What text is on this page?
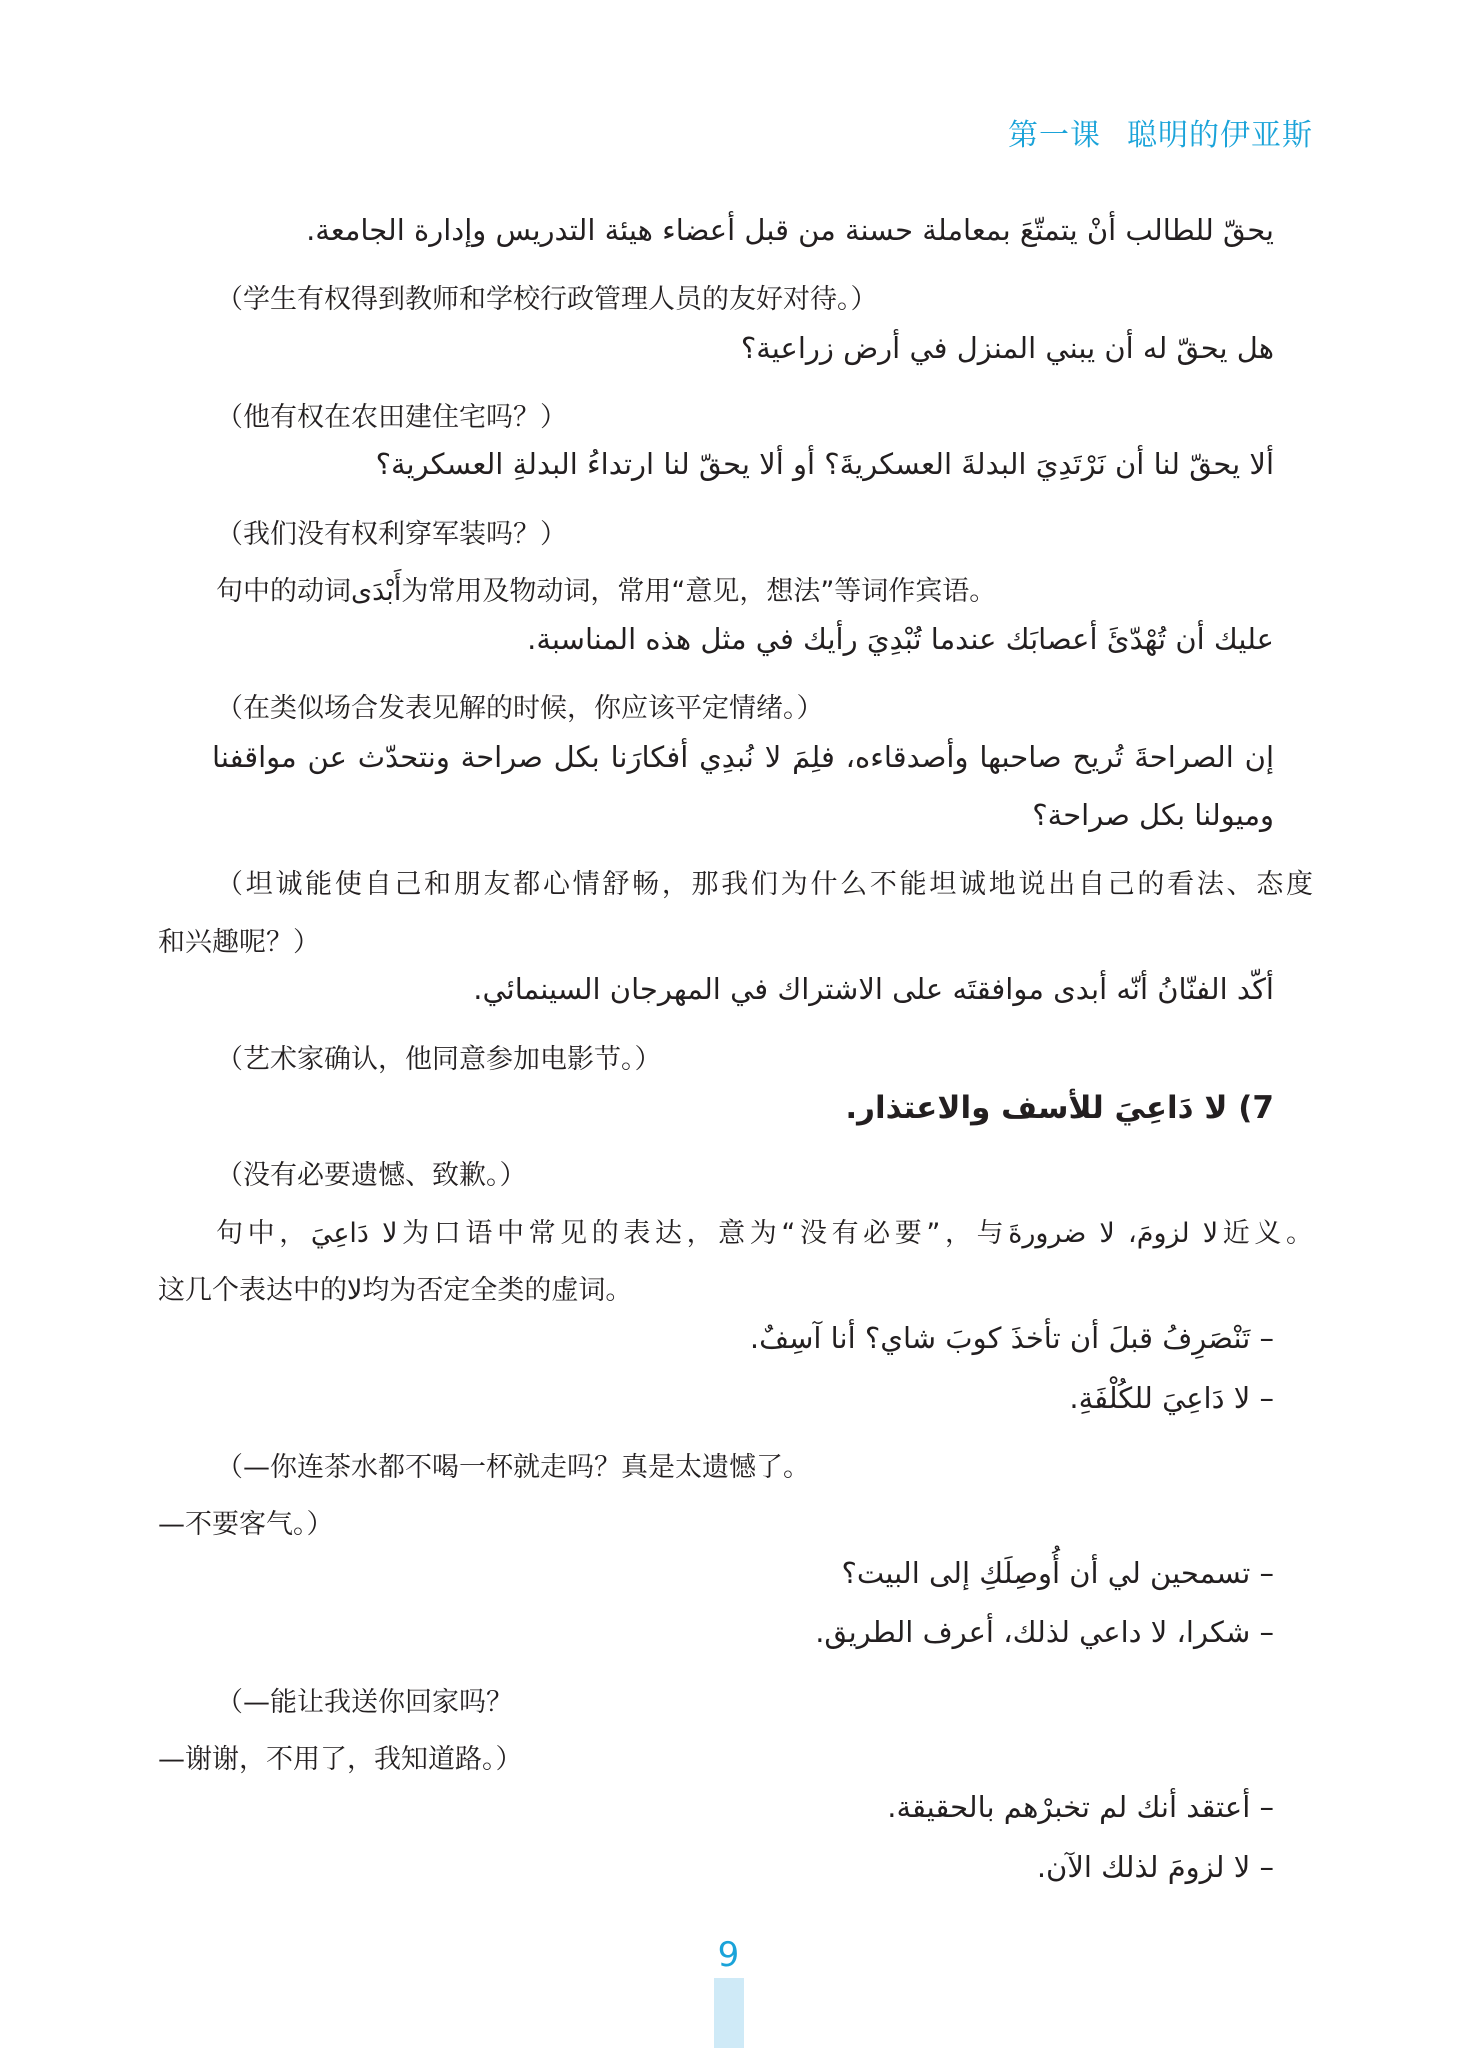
第一课 聪明的伊亚斯
يحقّ للطالب أنْ يتمتّعَ بمعاملة حسنة من قبل أعضاء هيئة التدريس وإدارة الجامعة.
（学生有权得到教师和学校行政管理人员的友好对待。）
هل يحقّ له أن يبني المنزل في أرض زراعية؟
（他有权在农田建住宅吗？）
ألا يحقّ لنا أن نَرْتَدِيَ البدلةَ العسكريةَ؟ أو ألا يحقّ لنا ارتداءُ البدلةِ العسكرية؟
（我们没有权利穿军装吗？）
句中的动词أَبْدَى为常用及物动词，常用“意见，想法”等词作宾语。
عليك أن تُهْدّئَ أعصابَك عندما تُبْدِيَ رأيك في مثل هذه المناسبة.
（在类似场合发表见解的时候，你应该平定情绪。）
إن الصراحةَ تُريح صاحبها وأصدقاءه، فلِمَ لا نُبدِي أفكارَنا بكل صراحة ونتحدّث عن مواقفنا
وميولنا بكل صراحة؟
（坦诚能使自己和朋友都心情舒畅，那我们为什么不能坦诚地说出自己的看法、态度
和兴趣呢？）
أكّد الفنّانُ أنّه أبدى موافقتَه على الاشتراك في المهرجان السينمائي.
（艺术家确认，他同意参加电影节。）
7) لا دَاعِيَ للأسف والاعتذار.
（没有必要遗憾、致歉。）
句中，لا دَاعِيَ为口语中常见的表达，意为“没有必要”，与لا لزومَ، لا ضرورةَ近义。
这几个表达中的لا均为否定全类的虚词。
– تَنْصَرِفُ قبلَ أن تأخذَ كوبَ شاي؟ أنا آسِفٌ.
– لا دَاعِيَ للكُلْفَةِ.
（—你连茶水都不喝一杯就走吗？真是太遗憾了。
—不要客气。）
– تسمحين لي أن أُوصِلَكِ إلى البيت؟
– شكرا، لا داعي لذلك، أعرف الطريق.
（—能让我送你回家吗？
—谢谢，不用了，我知道路。）
– أعتقد أنك لم تخبرْهم بالحقيقة.
– لا لزومَ لذلك الآن.
9
